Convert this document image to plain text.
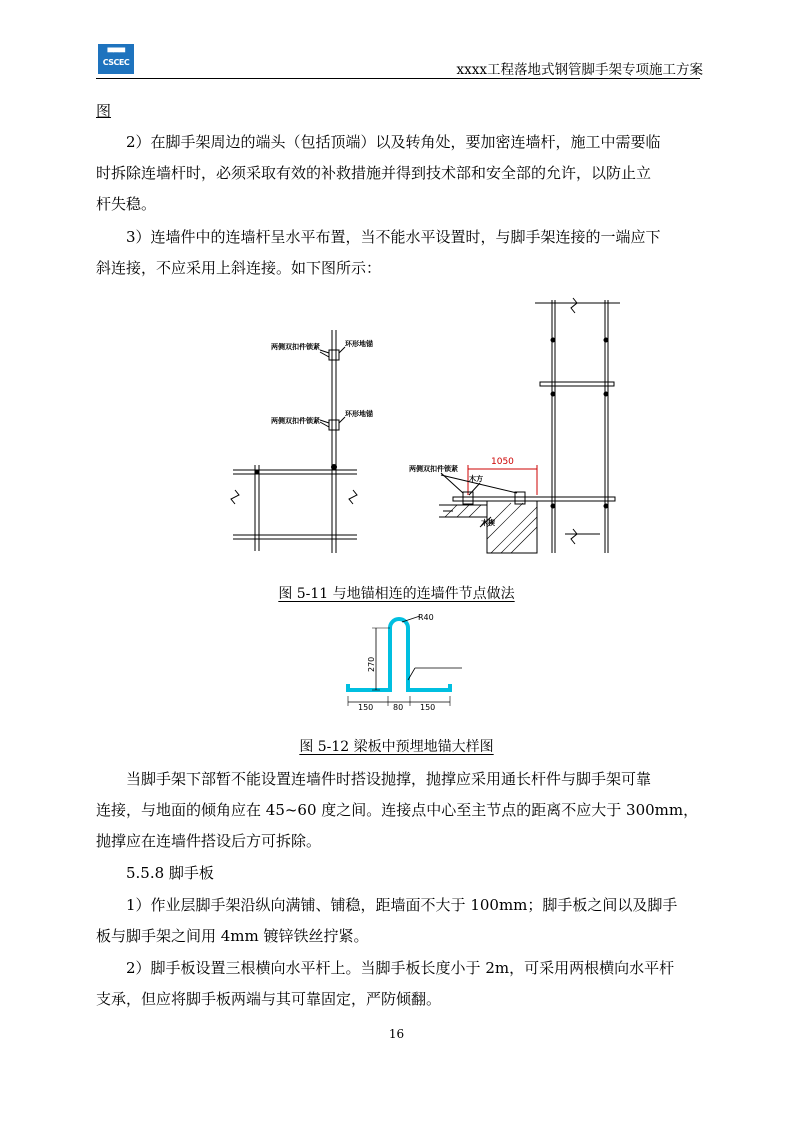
▀▀▀
CSCEC	xxxx工程落地式钢管脚手架专项施工方案
图
2）在脚手架周边的端头（包括顶端）以及转角处，要加密连墙杆，施工中需要临
时拆除连墙杆时，必须采取有效的补救措施并得到技术部和安全部的允许，以防止立
杆失稳。
3）连墙件中的连墙杆呈水平布置，当不能水平设置时，与脚手架连接的一端应下
斜连接，不应采用上斜连接。如下图所示：
两侧双扣件锁紧	环形地锚
两侧双扣件锁紧
环形地锚
两侧双扣件锁紧
木方
木楔
1050
图 5-11 与地锚相连的连墙件节点做法
R40
270
150 80 150
图 5-12 梁板中预埋地锚大样图
当脚手架下部暂不能设置连墙件时搭设抛撑，抛撑应采用通长杆件与脚手架可靠
连接，与地面的倾角应在 45~60 度之间。连接点中心至主节点的距离不应大于 300mm，
抛撑应在连墙件搭设后方可拆除。
5.5.8 脚手板
1）作业层脚手架沿纵向满铺、铺稳，距墙面不大于 100mm；脚手板之间以及脚手
板与脚手架之间用 4mm 镀锌铁丝拧紧。
2）脚手板设置三根横向水平杆上。当脚手板长度小于 2m，可采用两根横向水平杆
支承，但应将脚手板两端与其可靠固定，严防倾翻。
16
